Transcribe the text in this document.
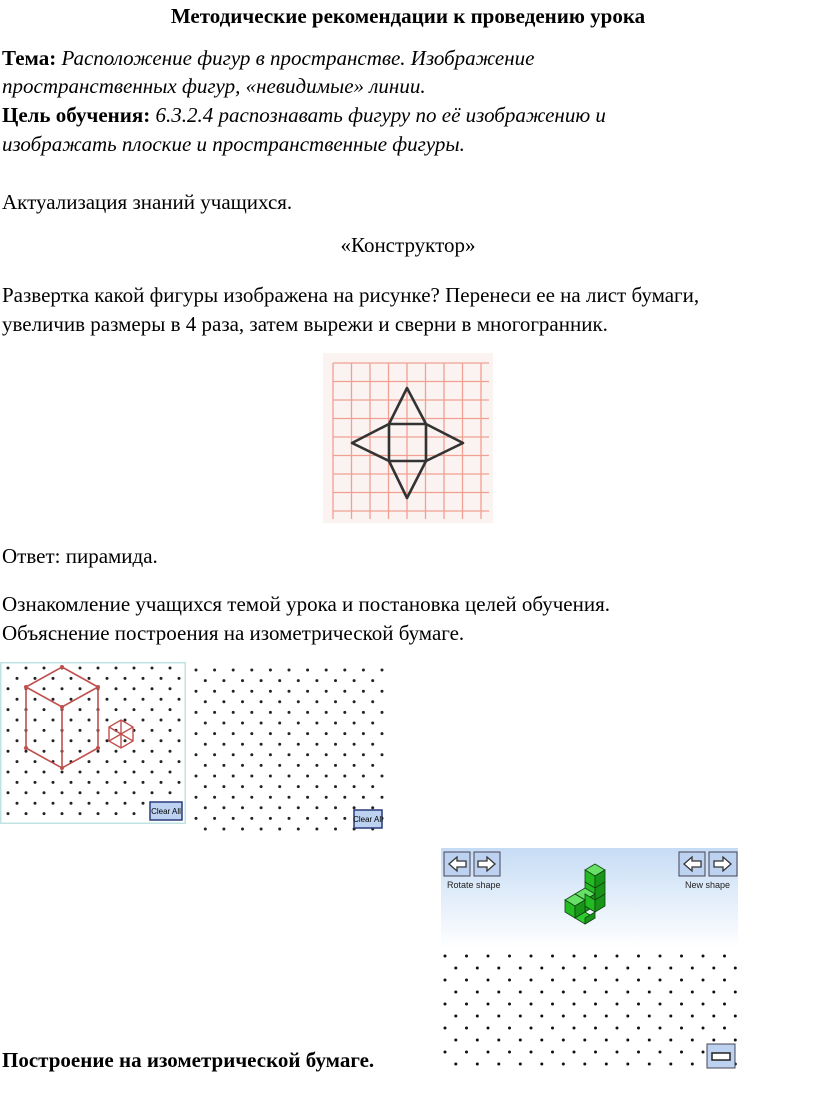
Методические рекомендации к проведению урока
Тема: Расположение фигур в пространстве. Изображение
пространственных фигур, «невидимые» линии.
Цель обучения: 6.3.2.4 распознавать фигуру по её изображению и
изображать плоские и пространственные фигуры.
Актуализация знаний учащихся.
«Конструктор»
Развертка какой фигуры изображена на рисунке? Перенеси ее на лист бумаги,
увеличив размеры в 4 раза, затем вырежи и сверни в многогранник.
Ответ: пирамида.
Ознакомление учащихся темой урока и постановка целей обучения.
Объяснение построения на изометрической бумаге.
Clear All
Clear All
Rotate shape	New shape
Построение на изометрической бумаге.
